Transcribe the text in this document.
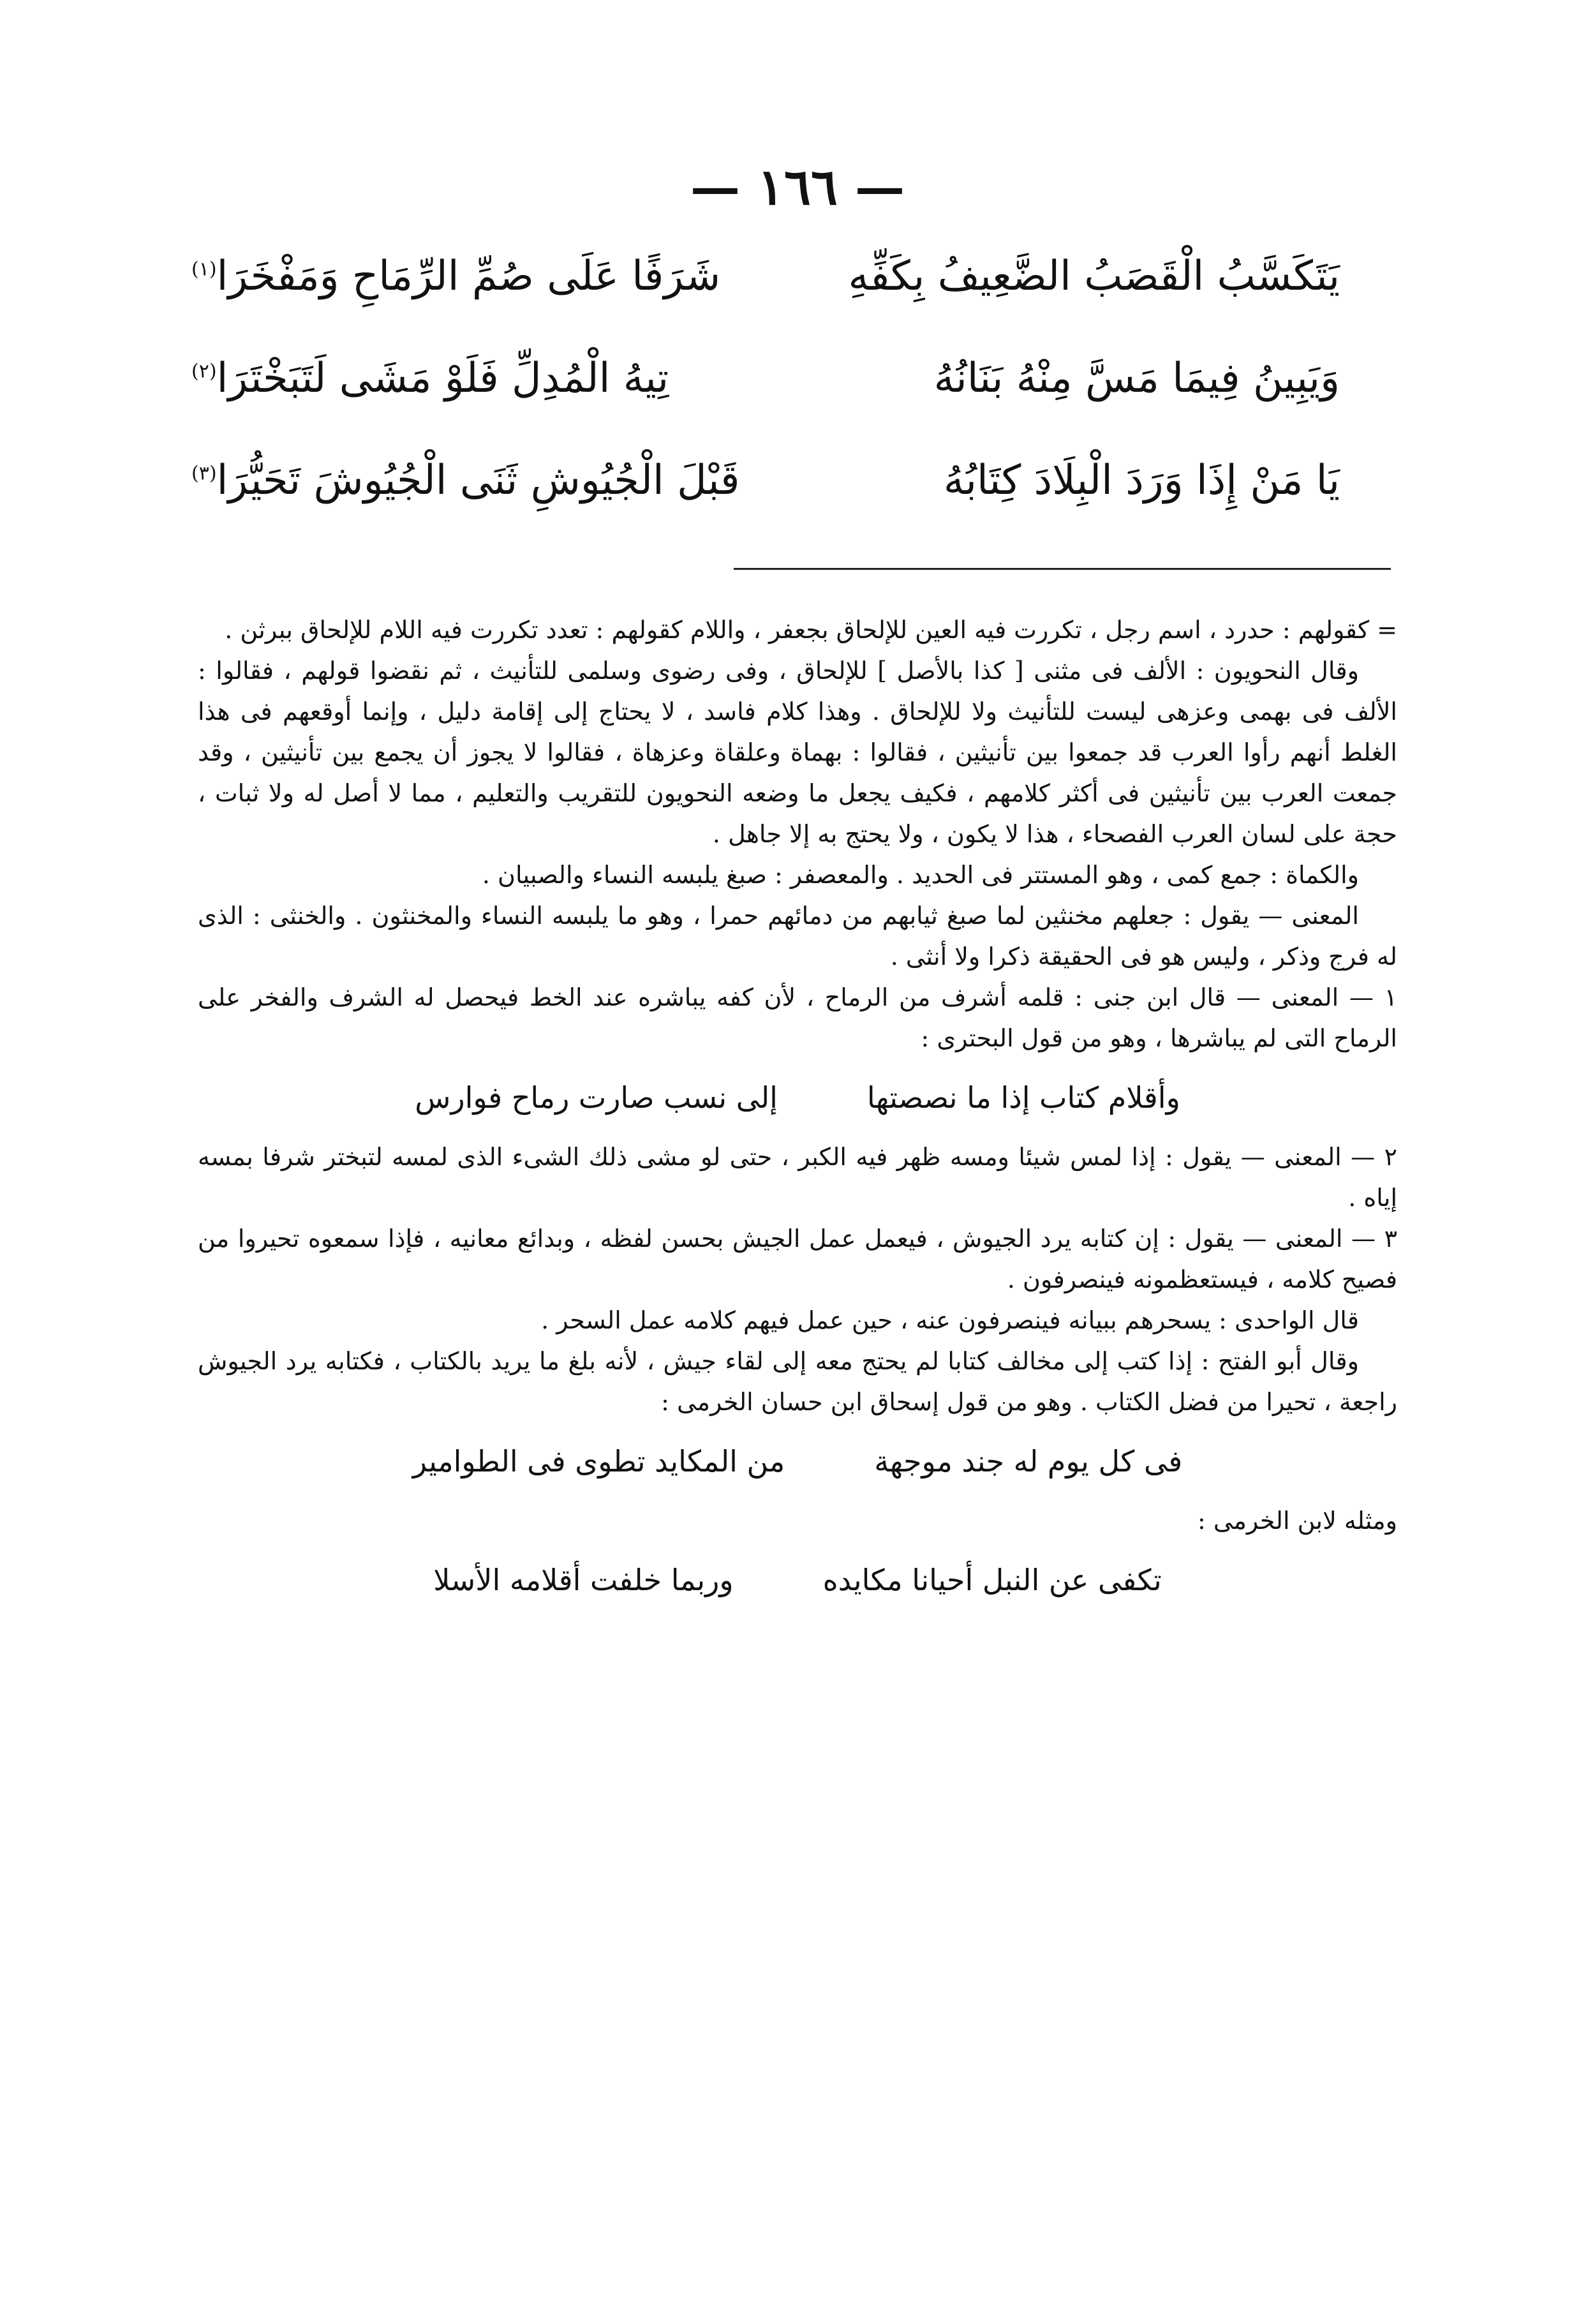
— ١٦٦ —
يَتَكَسَّبُ الْقَصَبُ الضَّعِيفُ بِكَفِّهِ
شَرَفًا عَلَى صُمِّ الرِّمَاحِ وَمَفْخَرَا$^{(١)}$
وَيَبِينُ فِيمَا مَسَّ مِنْهُ بَنَانُهُ
تِيهُ الْمُدِلِّ فَلَوْ مَشَى لَتَبَخْتَرَا$^{(٢)}$
يَا مَنْ إِذَا وَرَدَ الْبِلَادَ كِتَابُهُ
قَبْلَ الْجُيُوشِ ثَنَى الْجُيُوشَ تَحَيُّرَا$^{(٣)}$

= كقولهم : حدرد ، اسم رجل ، تكررت فيه العين للإلحاق بجعفر ، واللام كقولهم : تعدد تكررت فيه اللام للإلحاق ببرثن .

وقال النحويون : الألف فى مثنى [ كذا بالأصل ] للإلحاق ، وفى رضوى وسلمى للتأنيث ، ثم نقضوا قولهم ، فقالوا : الألف فى بهمى وعزهى ليست للتأنيث ولا للإلحاق . وهذا كلام فاسد ، لا يحتاج إلى إقامة دليل ، وإنما أوقعهم فى هذا الغلط أنهم رأوا العرب قد جمعوا بين تأنيثين ، فقالوا : بهماة وعلقاة وعزهاة ، فقالوا لا يجوز أن يجمع بين تأنيثين ، وقد جمعت العرب بين تأنيثين فى أكثر كلامهم ، فكيف يجعل ما وضعه النحويون للتقريب والتعليم ، مما لا أصل له ولا ثبات ، حجة على لسان العرب الفصحاء ، هذا لا يكون ، ولا يحتج به إلا جاهل .

والكماة : جمع كمى ، وهو المستتر فى الحديد . والمعصفر : صبغ يلبسه النساء والصبيان .

المعنى — يقول : جعلهم مخنثين لما صبغ ثيابهم من دمائهم حمرا ، وهو ما يلبسه النساء والمخنثون . والخنثى : الذى له فرج وذكر ، وليس هو فى الحقيقة ذكرا ولا أنثى .

١ — المعنى — قال ابن جنى : قلمه أشرف من الرماح ، لأن كفه يباشره عند الخط فيحصل له الشرف والفخر على الرماح التى لم يباشرها ، وهو من قول البحترى :

وأقلام كتاب إذا ما نصصتها
إلى نسب صارت رماح فوارس

٢ — المعنى — يقول : إذا لمس شيئا ومسه ظهر فيه الكبر ، حتى لو مشى ذلك الشىء الذى لمسه لتبختر شرفا بمسه إياه .

٣ — المعنى — يقول : إن كتابه يرد الجيوش ، فيعمل عمل الجيش بحسن لفظه ، وبدائع معانيه ، فإذا سمعوه تحيروا من فصيح كلامه ، فيستعظمونه فينصرفون .

قال الواحدى : يسحرهم ببيانه فينصرفون عنه ، حين عمل فيهم كلامه عمل السحر .

وقال أبو الفتح : إذا كتب إلى مخالف كتابا لم يحتج معه إلى لقاء جيش ، لأنه بلغ ما يريد بالكتاب ، فكتابه يرد الجيوش راجعة ، تحيرا من فضل الكتاب . وهو من قول إسحاق ابن حسان الخرمى :

فى كل يوم له جند موجهة
من المكايد تطوى فى الطوامير

ومثله لابن الخرمى :

تكفى عن النبل أحيانا مكايده
وربما خلفت أقلامه الأسلا
